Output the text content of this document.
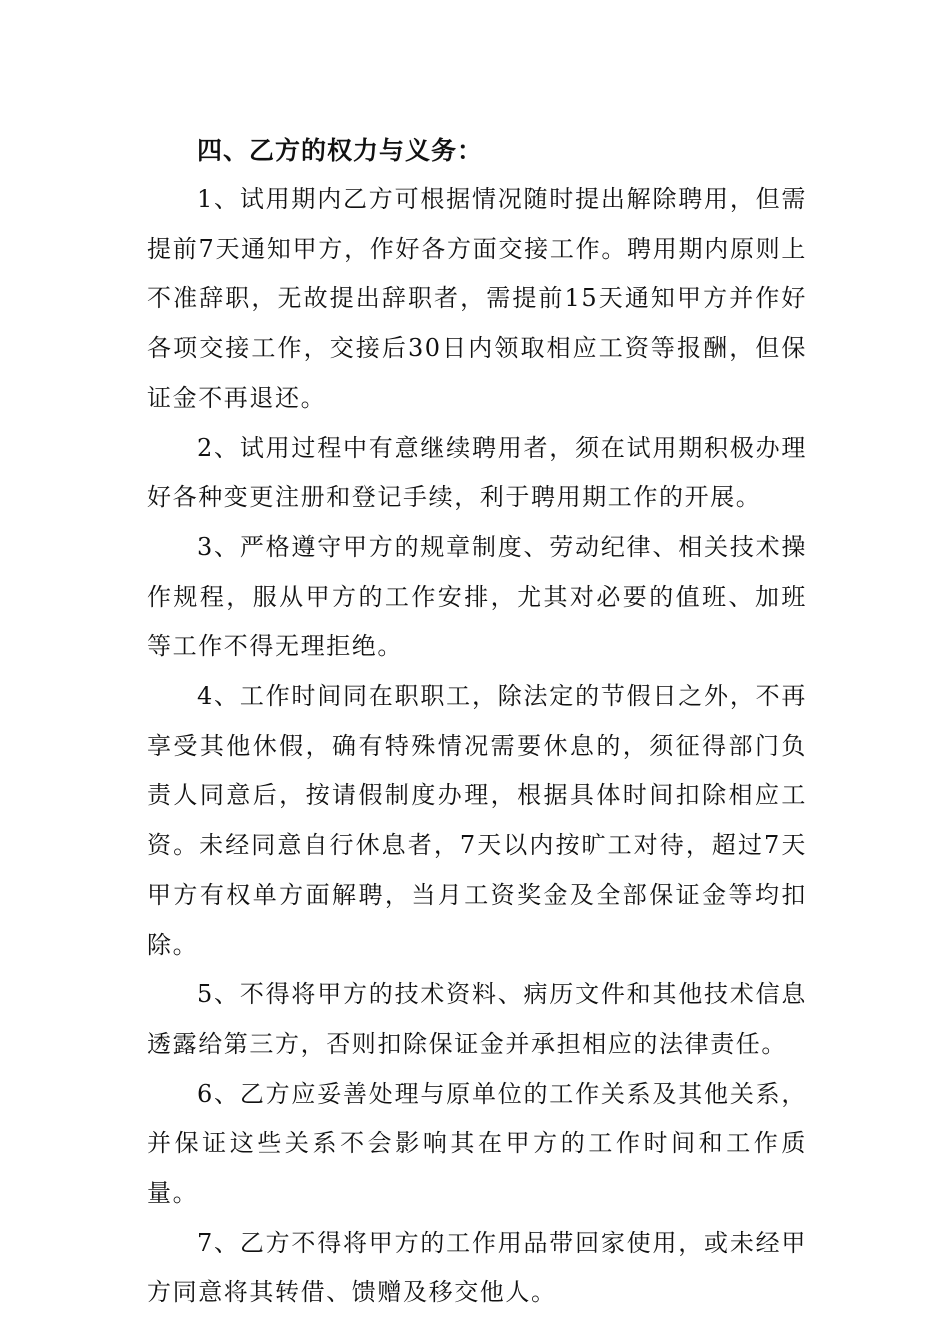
四、乙方的权力与义务：

1、试用期内乙方可根据情况随时提出解除聘用，但需提前7天通知甲方，作好各方面交接工作。聘用期内原则上不准辞职，无故提出辞职者，需提前15天通知甲方并作好各项交接工作，交接后30日内领取相应工资等报酬，但保证金不再退还。

2、试用过程中有意继续聘用者，须在试用期积极办理好各种变更注册和登记手续，利于聘用期工作的开展。

3、严格遵守甲方的规章制度、劳动纪律、相关技术操作规程，服从甲方的工作安排，尤其对必要的值班、加班等工作不得无理拒绝。

4、工作时间同在职职工，除法定的节假日之外，不再享受其他休假，确有特殊情况需要休息的，须征得部门负责人同意后，按请假制度办理，根据具体时间扣除相应工资。未经同意自行休息者，7天以内按旷工对待，超过7天甲方有权单方面解聘，当月工资奖金及全部保证金等均扣除。

5、不得将甲方的技术资料、病历文件和其他技术信息透露给第三方，否则扣除保证金并承担相应的法律责任。

6、乙方应妥善处理与原单位的工作关系及其他关系，并保证这些关系不会影响其在甲方的工作时间和工作质量。

7、乙方不得将甲方的工作用品带回家使用，或未经甲方同意将其转借、馈赠及移交他人。
